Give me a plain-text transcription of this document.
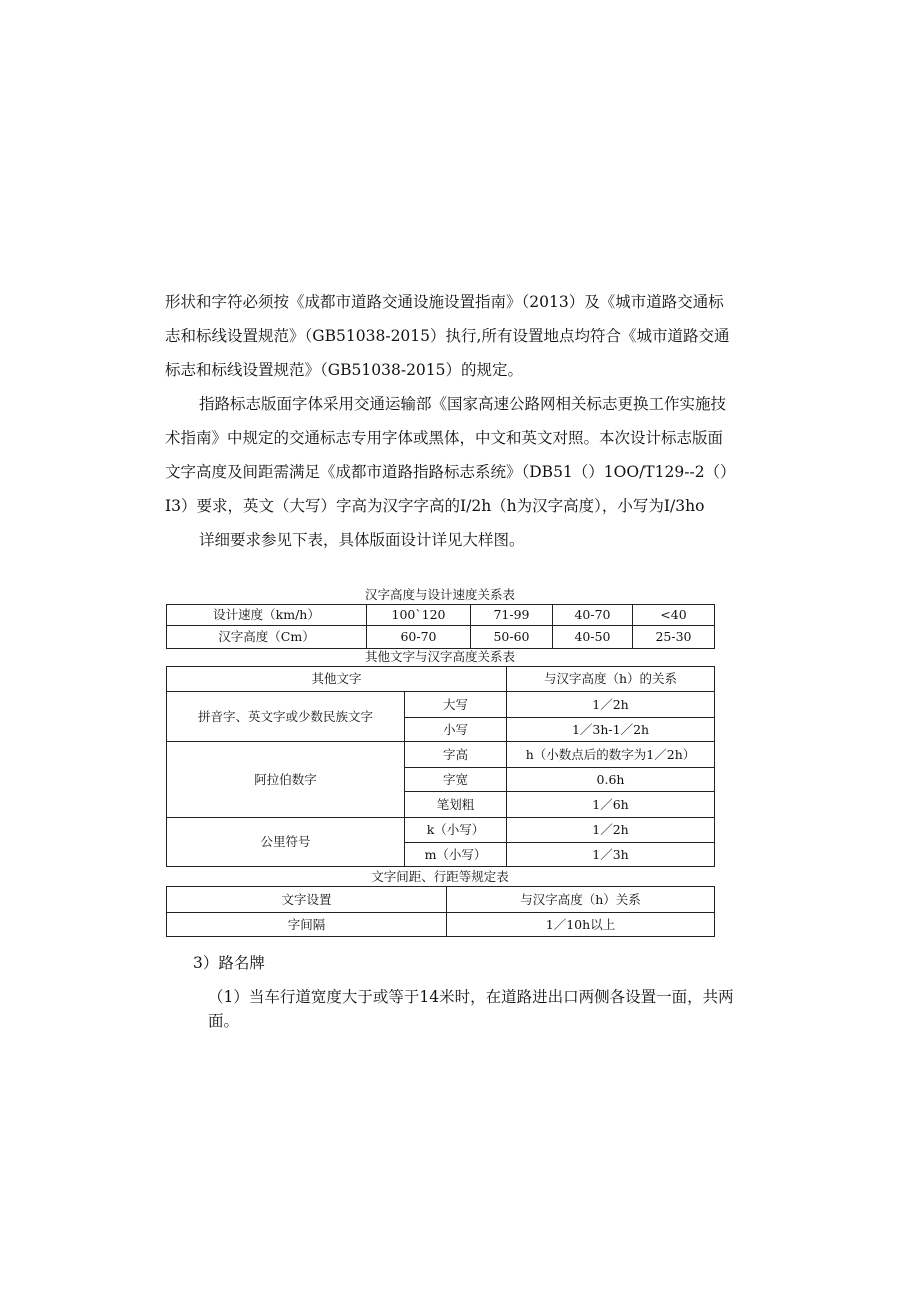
形状和字符必须按《成都市道路交通设施设置指南》（2013）及《城市道路交通标志和标线设置规范》（GB51038-2015）执行,所有设置地点均符合《城市道路交通标志和标线设置规范》（GB51038-2015）的规定。

指路标志版面字体采用交通运输部《国家高速公路网相关标志更换工作实施技术指南》中规定的交通标志专用字体或黑体，中文和英文对照。本次设计标志版面文字高度及间距需满足《成都市道路指路标志系统》（DB51（）1OO/T129--2（）I3）要求，英文（大写）字高为汉字字高的I/2h（h为汉字高度），小写为I/3ho

详细要求参见下表，具体版面设计详见大样图。

汉字高度与设计速度关系表
设计速度（km/h）	100`120	71-99	40-70	<40
汉字高度（Cm）	60-70	50-60	40-50	25-30
其他文字与汉字高度关系表
其他文字		与汉字高度（h）的关系
拼音字、英文字或少数民族文字	大写	1／2h
	小写	1／3h-1／2h
阿拉伯数字	字高	h（小数点后的数字为1／2h）
	字宽	0.6h
	笔划粗	1／6h
公里符号	k（小写）	1／2h
	m（小写）	1／3h
文字间距、行距等规定表
文字设置	与汉字高度（h）关系
字间隔	1／10h以上
3）路名牌
（1）当车行道宽度大于或等于14米时，在道路进出口两侧各设置一面，共两面。
